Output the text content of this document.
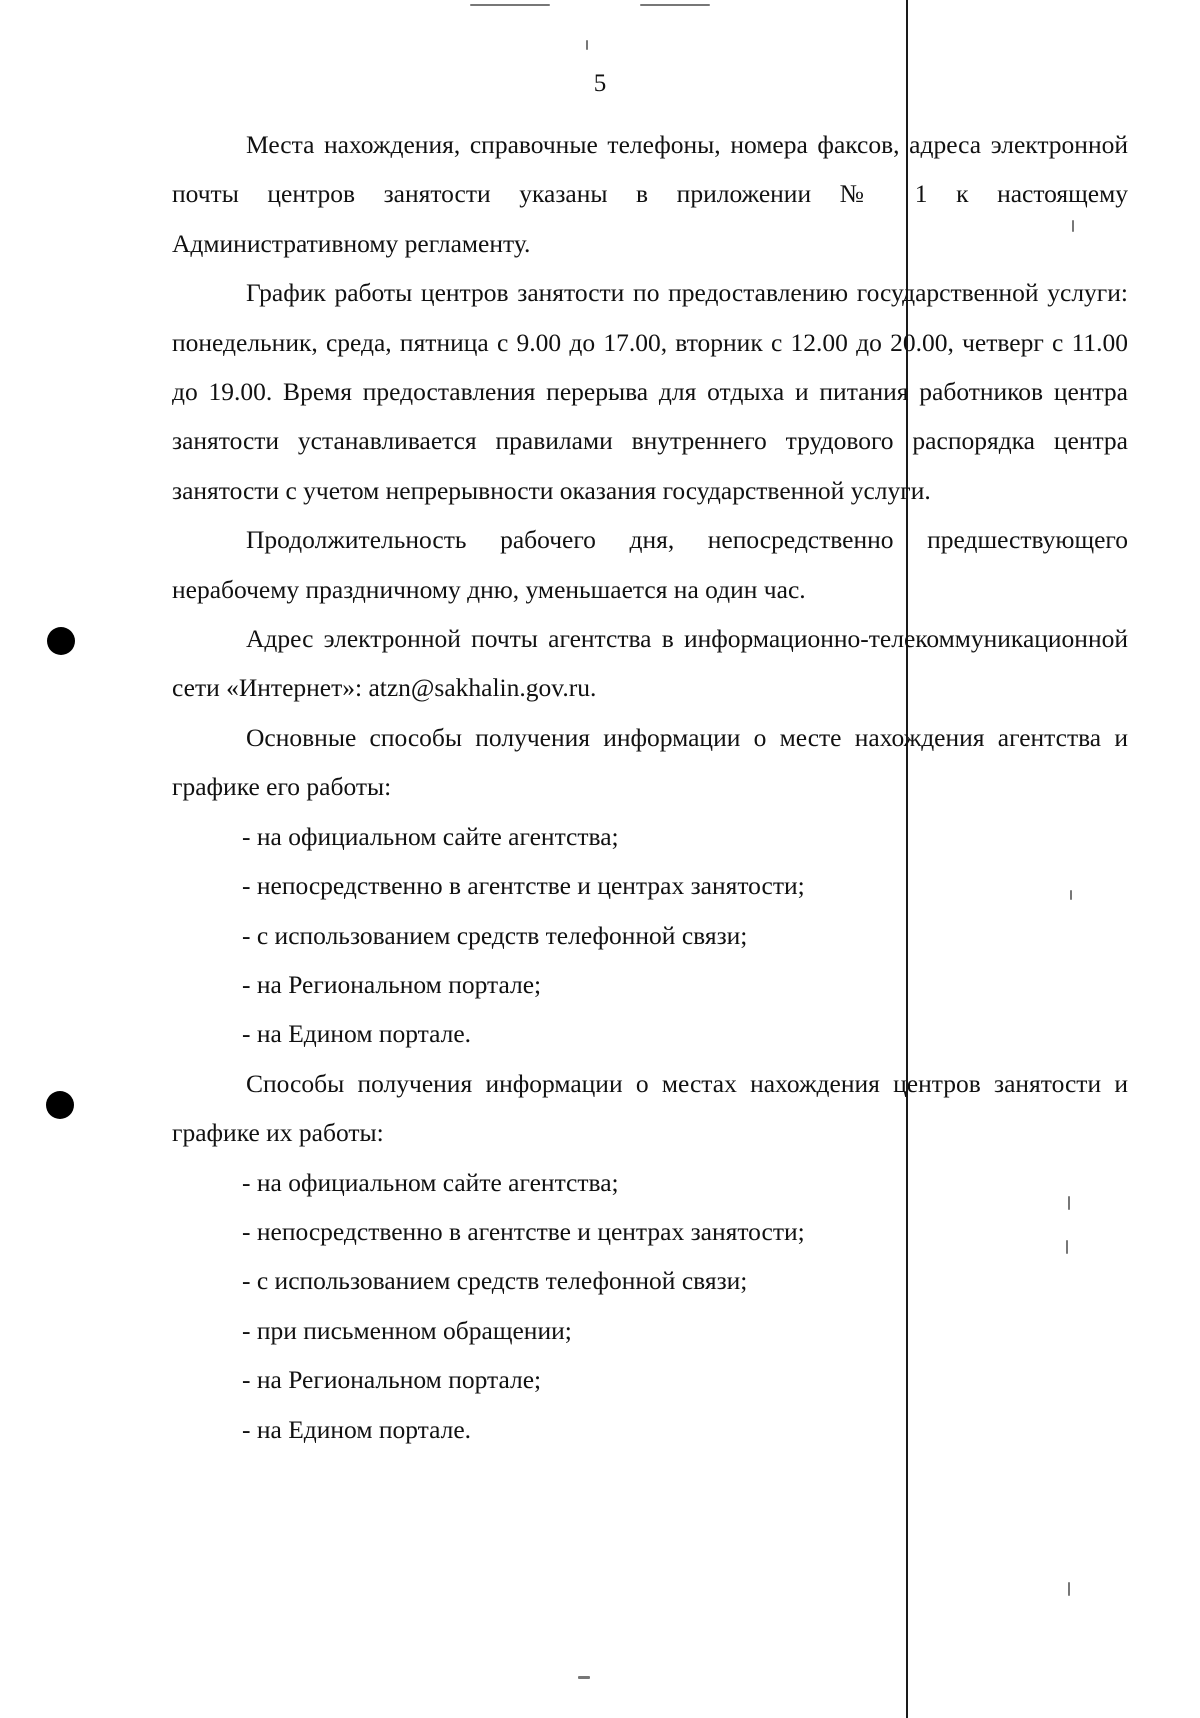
5

Места нахождения, справочные телефоны, номера факсов, адреса электронной почты центров занятости указаны в приложении № 1 к настоящему Административному регламенту.

График работы центров занятости по предоставлению государственной услуги: понедельник, среда, пятница с 9.00 до 17.00, вторник с 12.00 до 20.00, четверг с 11.00 до 19.00. Время предоставления перерыва для отдыха и питания работников центра занятости устанавливается правилами внутреннего трудового распорядка центра занятости с учетом непрерывности оказания государственной услуги.

Продолжительность рабочего дня, непосредственно предшествующего нерабочему праздничному дню, уменьшается на один час.

Адрес электронной почты агентства в информационно-телекоммуникационной сети «Интернет»: atzn@sakhalin.gov.ru.

Основные способы получения информации о месте нахождения агентства и графике его работы:

- на официальном сайте агентства;

- непосредственно в агентстве и центрах занятости;

- с использованием средств телефонной связи;

- на Региональном портале;

- на Едином портале.

Способы получения информации о местах нахождения центров занятости и графике их работы:

- на официальном сайте агентства;

- непосредственно в агентстве и центрах занятости;

- с использованием средств телефонной связи;

- при письменном обращении;

- на Региональном портале;

- на Едином портале.
